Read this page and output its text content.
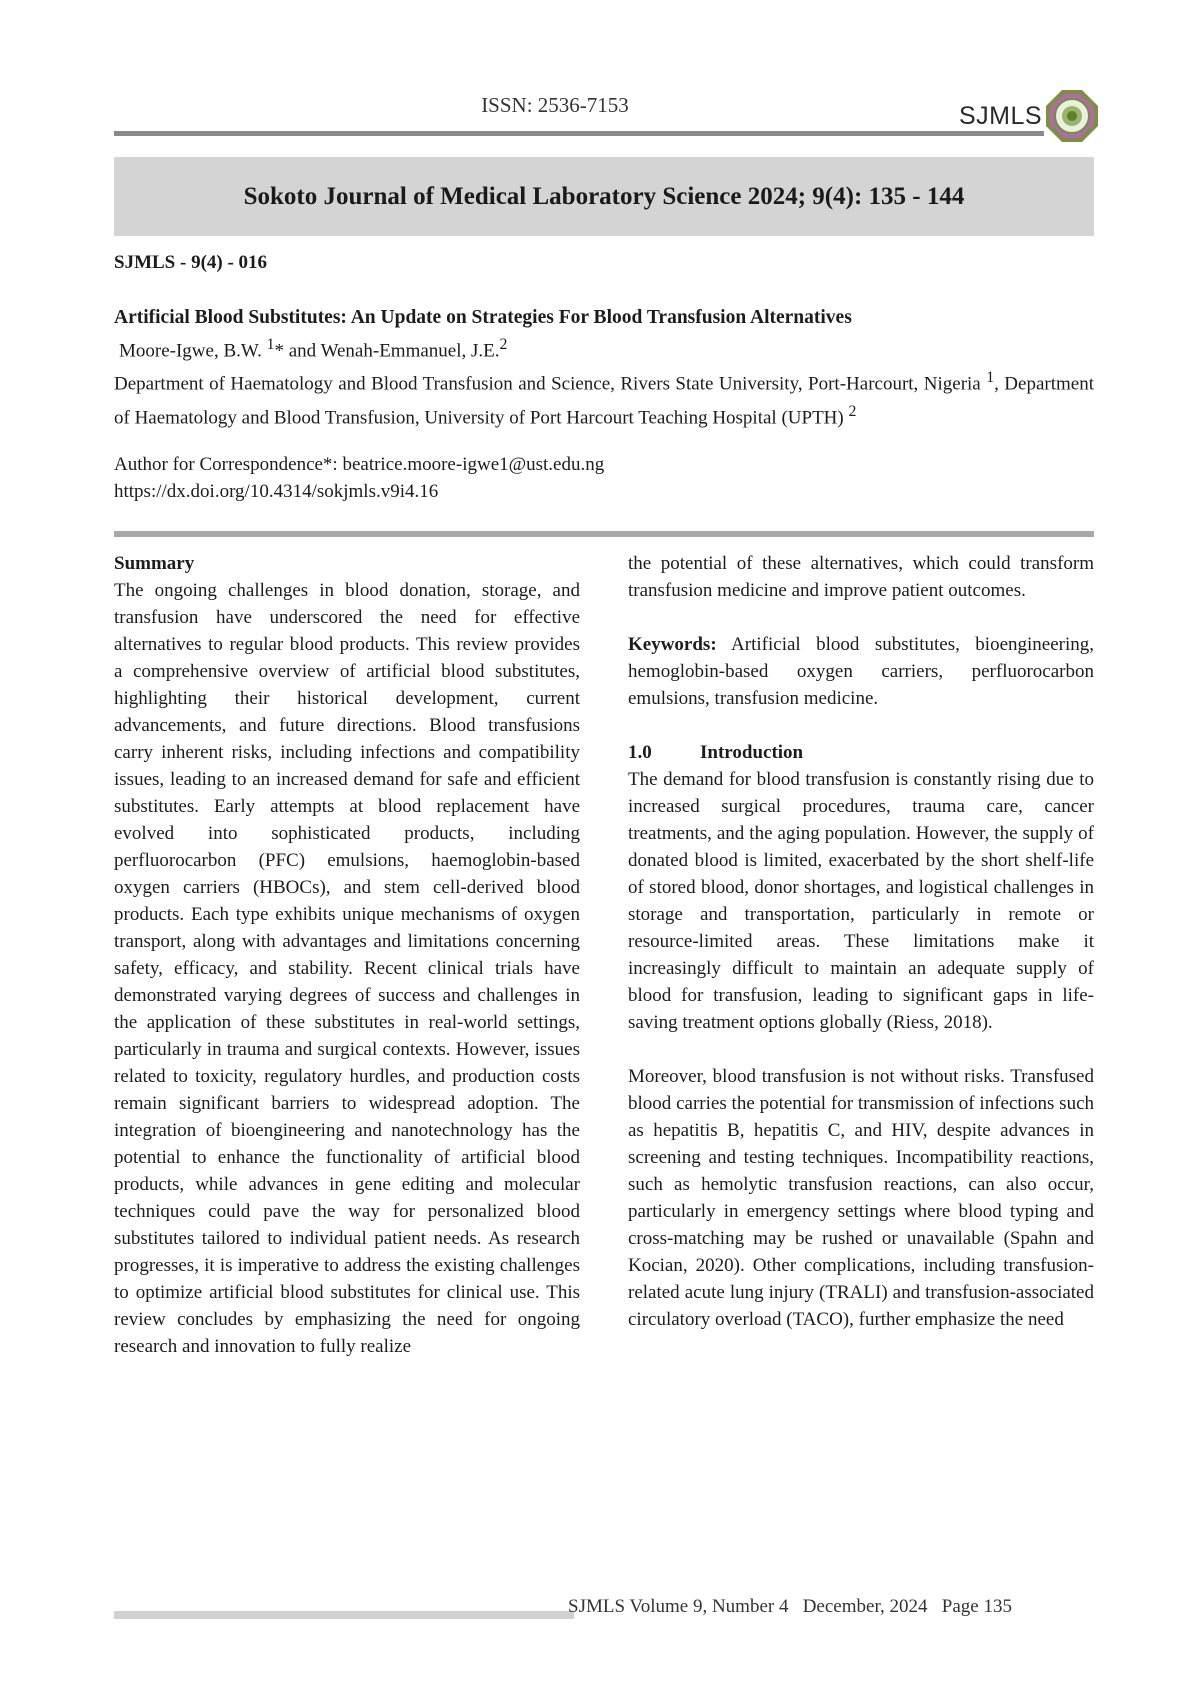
ISSN: 2536-7153	SJMLS
Sokoto Journal of Medical Laboratory Science 2024; 9(4): 135 - 144
SJMLS - 9(4) - 016
Artificial Blood Substitutes: An Update on Strategies For Blood Transfusion Alternatives
Moore-Igwe, B.W. $^1$* and Wenah-Emmanuel, J.E.$^2$
Department of Haematology and Blood Transfusion and Science, Rivers State University, Port-Harcourt, Nigeria $^1$, Department of Haematology and Blood Transfusion, University of Port Harcourt Teaching Hospital (UPTH) $^2$
Author for Correspondence*: beatrice.moore-igwe1@ust.edu.ng
https://dx.doi.org/10.4314/sokjmls.v9i4.16

Summary

The ongoing challenges in blood donation, storage, and transfusion have underscored the need for effective alternatives to regular blood products. This review provides a comprehensive overview of artificial blood substitutes, highlighting their historical development, current advancements, and future directions. Blood transfusions carry inherent risks, including infections and compatibility issues, leading to an increased demand for safe and efficient substitutes. Early attempts at blood replacement have evolved into sophisticated products, including perfluorocarbon (PFC) emulsions, haemoglobin-based oxygen carriers (HBOCs), and stem cell-derived blood products. Each type exhibits unique mechanisms of oxygen transport, along with advantages and limitations concerning safety, efficacy, and stability. Recent clinical trials have demonstrated varying degrees of success and challenges in the application of these substitutes in real-world settings, particularly in trauma and surgical contexts. However, issues related to toxicity, regulatory hurdles, and production costs remain significant barriers to widespread adoption. The integration of bioengineering and nanotechnology has the potential to enhance the functionality of artificial blood products, while advances in gene editing and molecular techniques could pave the way for personalized blood substitutes tailored to individual patient needs. As research progresses, it is imperative to address the existing challenges to optimize artificial blood substitutes for clinical use. This review concludes by emphasizing the need for ongoing research and innovation to fully realize

the potential of these alternatives, which could transform transfusion medicine and improve patient outcomes.

Keywords: Artificial blood substitutes, bioengineering, hemoglobin-based oxygen carriers, perfluorocarbon emulsions, transfusion medicine.

1.0	Introduction

The demand for blood transfusion is constantly rising due to increased surgical procedures, trauma care, cancer treatments, and the aging population. However, the supply of donated blood is limited, exacerbated by the short shelf-life of stored blood, donor shortages, and logistical challenges in storage and transportation, particularly in remote or resource-limited areas. These limitations make it increasingly difficult to maintain an adequate supply of blood for transfusion, leading to significant gaps in life-saving treatment options globally (Riess, 2018).

Moreover, blood transfusion is not without risks. Transfused blood carries the potential for transmission of infections such as hepatitis B, hepatitis C, and HIV, despite advances in screening and testing techniques. Incompatibility reactions, such as hemolytic transfusion reactions, can also occur, particularly in emergency settings where blood typing and cross-matching may be rushed or unavailable (Spahn and Kocian, 2020). Other complications, including transfusion-related acute lung injury (TRALI) and transfusion-associated circulatory overload (TACO), further emphasize the need

SJMLS Volume 9, Number 4   December, 2024   Page 135
